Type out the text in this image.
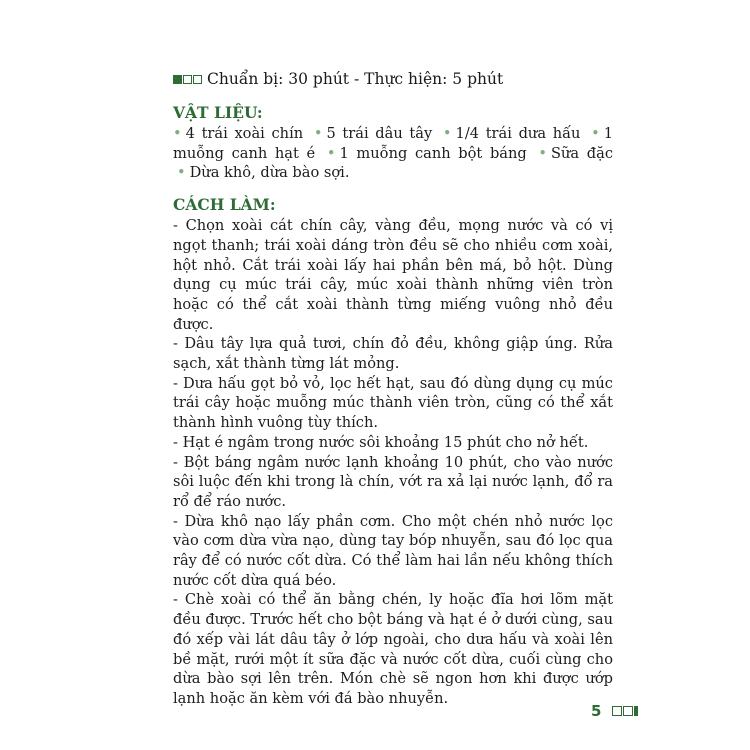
Chuẩn bị: 30 phút - Thực hiện: 5 phút
VẬT LIỆU:

• 4 trái xoài chín • 5 trái dâu tây • 1/4 trái dưa hấu • 1 muỗng canh hạt é • 1 muỗng canh bột báng • Sữa đặc • Dừa khô, dừa bào sợi.

CÁCH LÀM:

- Chọn xoài cát chín cây, vàng đều, mọng nước và có vị ngọt thanh; trái xoài dáng tròn đều sẽ cho nhiều cơm xoài, hột nhỏ. Cắt trái xoài lấy hai phần bên má, bỏ hột. Dùng dụng cụ múc trái cây, múc xoài thành những viên tròn hoặc có thể cắt xoài thành từng miếng vuông nhỏ đều được.

- Dâu tây lựa quả tươi, chín đỏ đều, không giập úng. Rửa sạch, xắt thành từng lát mỏng.

- Dưa hấu gọt bỏ vỏ, lọc hết hạt, sau đó dùng dụng cụ múc trái cây hoặc muỗng múc thành viên tròn, cũng có thể xắt thành hình vuông tùy thích.

- Hạt é ngâm trong nước sôi khoảng 15 phút cho nở hết.

- Bột báng ngâm nước lạnh khoảng 10 phút, cho vào nước sôi luộc đến khi trong là chín, vớt ra xả lại nước lạnh, đổ ra rổ để ráo nước.

- Dừa khô nạo lấy phần cơm. Cho một chén nhỏ nước lọc vào cơm dừa vừa nạo, dùng tay bóp nhuyễn, sau đó lọc qua rây để có nước cốt dừa. Có thể làm hai lần nếu không thích nước cốt dừa quá béo.

- Chè xoài có thể ăn bằng chén, ly hoặc đĩa hơi lõm mặt đều được. Trước hết cho bột báng và hạt é ở dưới cùng, sau đó xếp vài lát dâu tây ở lớp ngoài, cho dưa hấu và xoài lên bề mặt, rưới một ít sữa đặc và nước cốt dừa, cuối cùng cho dừa bào sợi lên trên. Món chè sẽ ngon hơn khi được ướp lạnh hoặc ăn kèm với đá bào nhuyễn.

5
